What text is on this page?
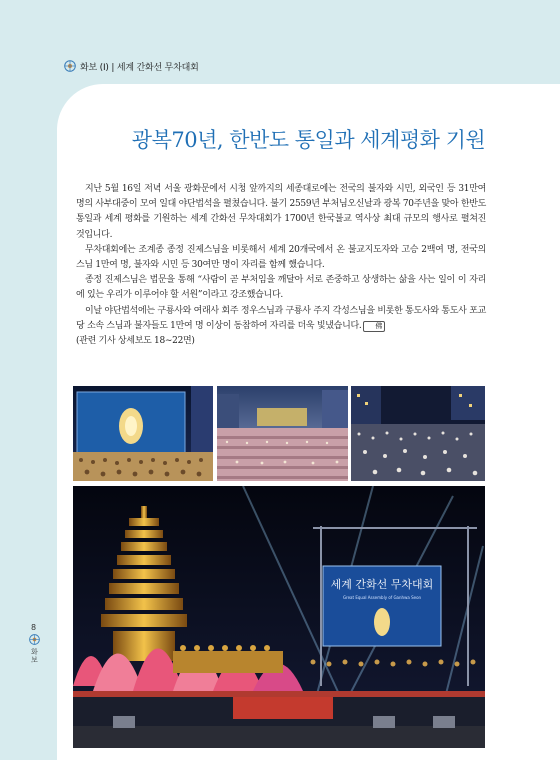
화보 (Ⅰ) | 세계 간화선 무차대회
광복70년, 한반도 통일과 세계평화 기원

지난 5월 16일 저녁 서울 광화문에서 시청 앞까지의 세종대로에는 전국의 불자와 시민, 외국인 등 31만여 명의 사부대중이 모여 일대 야단법석을 펼쳤습니다. 불기 2559년 부처님오신날과 광복 70주년을 맞아 한반도 통일과 세계 평화를 기원하는 세계 간화선 무차대회가 1700년 한국불교 역사상 최대 규모의 행사로 펼쳐진 것입니다.

무차대회에는 조계종 종정 진제스님을 비롯해서 세계 20개국에서 온 불교지도자와 고승 2백여 명, 전국의 스님 1만여 명, 불자와 시민 등 30여만 명이 자리를 함께 했습니다.

종정 진제스님은 법문을 통해 “사람이 곧 부처임을 깨달아 서로 존중하고 상생하는 삶을 사는 일이 이 자리에 있는 우리가 이루어야 할 서원”이라고 강조했습니다.

이날 야단법석에는 구룡사와 여래사 회주 정우스님과 구룡사 주지 각성스님을 비롯한 통도사와 통도사 포교당 소속 스님과 불자들도 1만여 명 이상이 동참하여 자리를 더욱 빛냈습니다. 佛

(관련 기사 상세보도 18∼22면)
세계 간화선 무차대회
Great Equal Assembly of Ganhwa Seon
8
화보
